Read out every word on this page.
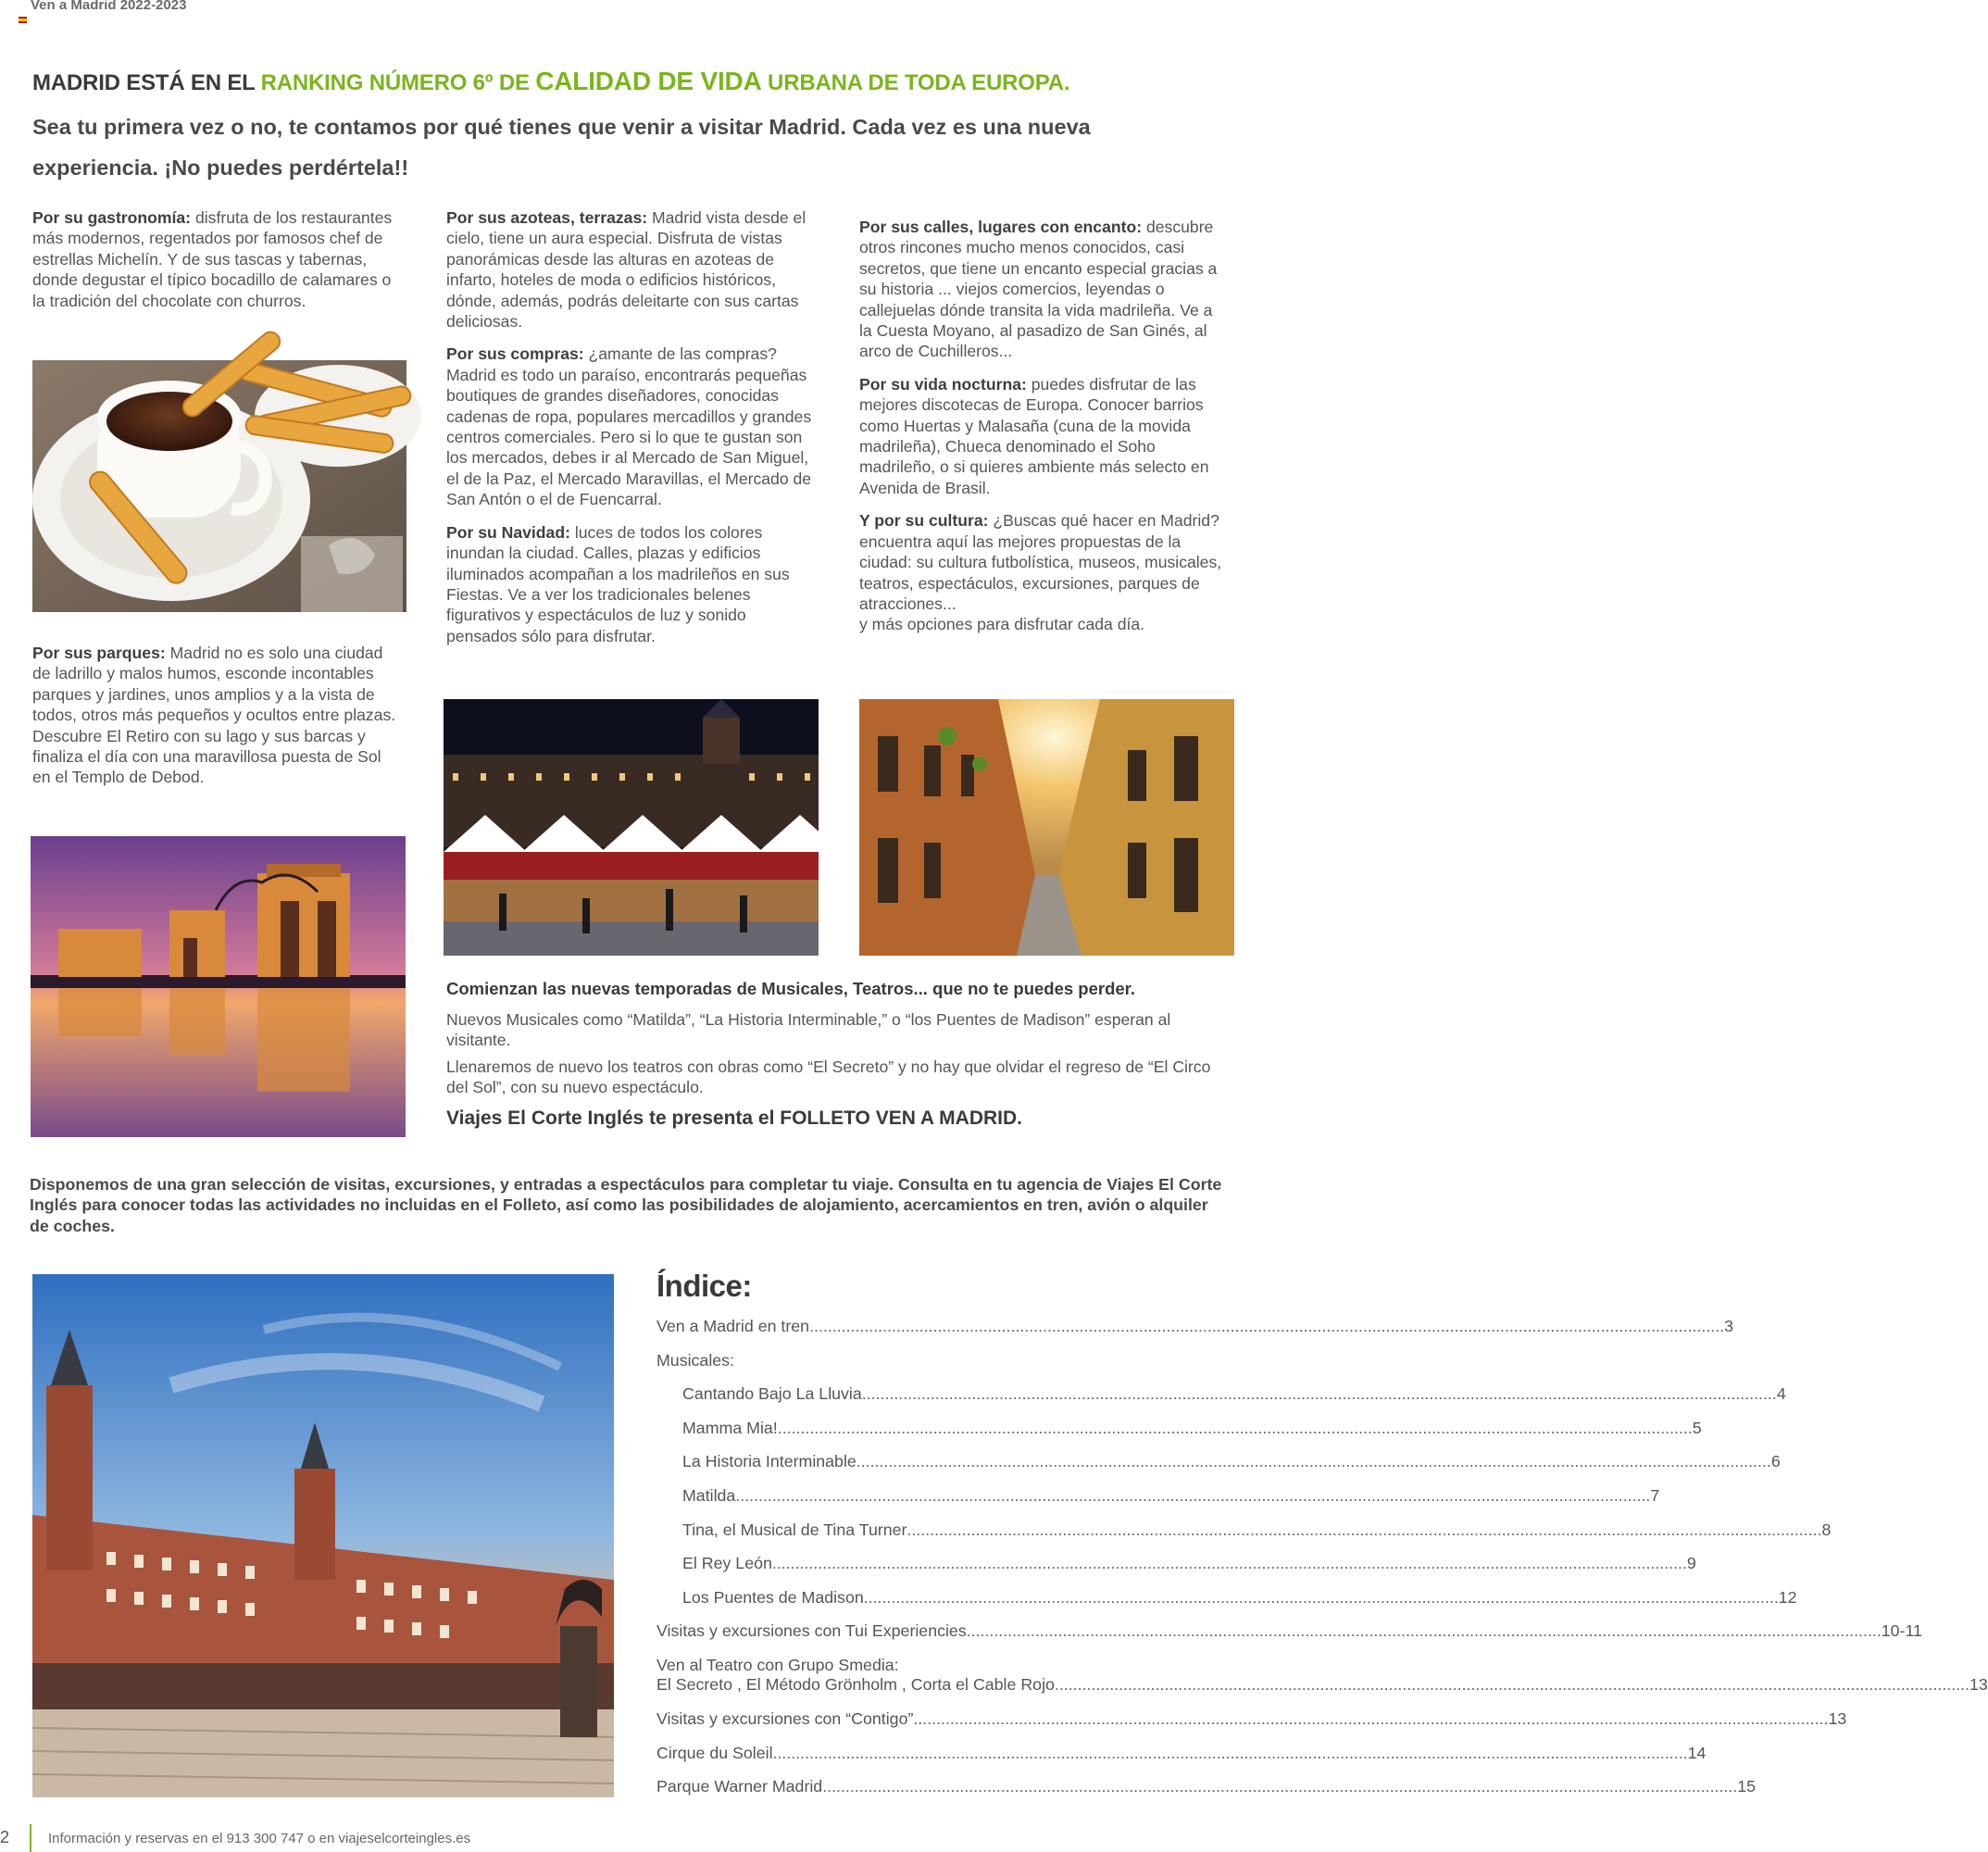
Ven a Madrid 2022-2023
MADRID ESTÁ EN EL RANKING NÚMERO 6º DE CALIDAD DE VIDA URBANA DE TODA EUROPA.
Sea tu primera vez o no, te contamos por qué tienes que venir a visitar Madrid. Cada vez es una nueva experiencia. ¡No puedes perdértela!!

Por su gastronomía: disfruta de los restaurantes más modernos, regentados por famosos chef de estrellas Michelín. Y de sus tascas y tabernas, donde degustar el típico bocadillo de calamares o la tradición del chocolate con churros.

Por sus parques: Madrid no es solo una ciudad de ladrillo y malos humos, esconde incontables parques y jardines, unos amplios y a la vista de todos, otros más pequeños y ocultos entre plazas. Descubre El Retiro con su lago y sus barcas y finaliza el día con una maravillosa puesta de Sol en el Templo de Debod.

Por sus azoteas, terrazas: Madrid vista desde el cielo, tiene un aura especial. Disfruta de vistas panorámicas desde las alturas en azoteas de infarto, hoteles de moda o edificios históricos, dónde, además, podrás deleitarte con sus cartas deliciosas.

Por sus compras: ¿amante de las compras? Madrid es todo un paraíso, encontrarás pequeñas boutiques de grandes diseñadores, conocidas cadenas de ropa, populares mercadillos y grandes centros comerciales. Pero si lo que te gustan son los mercados, debes ir al Mercado de San Miguel, el de la Paz, el Mercado Maravillas, el Mercado de San Antón o el de Fuencarral.

Por su Navidad: luces de todos los colores inundan la ciudad. Calles, plazas y edificios iluminados acompañan a los madrileños en sus Fiestas. Ve a ver los tradicionales belenes figurativos y espectáculos de luz y sonido pensados sólo para disfrutar.

Por sus calles, lugares con encanto: descubre otros rincones mucho menos conocidos, casi secretos, que tiene un encanto especial gracias a su historia ... viejos comercios, leyendas o callejuelas dónde transita la vida madrileña. Ve a la Cuesta Moyano, al pasadizo de San Ginés, al arco de Cuchilleros...

Por su vida nocturna: puedes disfrutar de las mejores discotecas de Europa. Conocer barrios como Huertas y Malasaña (cuna de la movida madrileña), Chueca denominado el Soho madrileño, o si quieres ambiente más selecto en Avenida de Brasil.

Y por su cultura: ¿Buscas qué hacer en Madrid? encuentra aquí las mejores propuestas de la ciudad: su cultura futbolística, museos, musicales, teatros, espectáculos, excursiones, parques de atracciones...
y más opciones para disfrutar cada día.

Comienzan las nuevas temporadas de Musicales, Teatros... que no te puedes perder.

Nuevos Musicales como “Matilda”, “La Historia Interminable,” o “los Puentes de Madison” esperan al visitante.

Llenaremos de nuevo los teatros con obras como “El Secreto” y no hay que olvidar el regreso de “El Circo del Sol”, con su nuevo espectáculo.

Viajes El Corte Inglés te presenta el FOLLETO VEN A MADRID.
Disponemos de una gran selección de visitas, excursiones, y entradas a espectáculos para completar tu viaje. Consulta en tu agencia de Viajes El Corte Inglés para conocer todas las actividades no incluidas en el Folleto, así como las posibilidades de alojamiento, acercamientos en tren, avión o alquiler de coches.
Índice:
Ven a Madrid en tren ........................................................................................................................................................................................................ 3
Musicales:
Cantando Bajo La Lluvia ........................................................................................................................................................................................................ 4
Mamma Mia! ........................................................................................................................................................................................................ 5
La Historia Interminable ........................................................................................................................................................................................................ 6
Matilda ........................................................................................................................................................................................................ 7
Tina, el Musical de Tina Turner ........................................................................................................................................................................................................ 8
El Rey León ........................................................................................................................................................................................................ 9
Los Puentes de Madison ........................................................................................................................................................................................................ 12
Visitas y excursiones con Tui Experiencies ........................................................................................................................................................................................................ 10-11
Ven al Teatro con Grupo Smedia:
El Secreto , El Método Grönholm , Corta el Cable Rojo ........................................................................................................................................................................................................ 13
Visitas y excursiones con “Contigo” ........................................................................................................................................................................................................ 13
Cirque du Soleil ........................................................................................................................................................................................................ 14
Parque Warner Madrid ........................................................................................................................................................................................................ 15
2	Información y reservas en el 913 300 747 o en viajeselcorteingles.es
